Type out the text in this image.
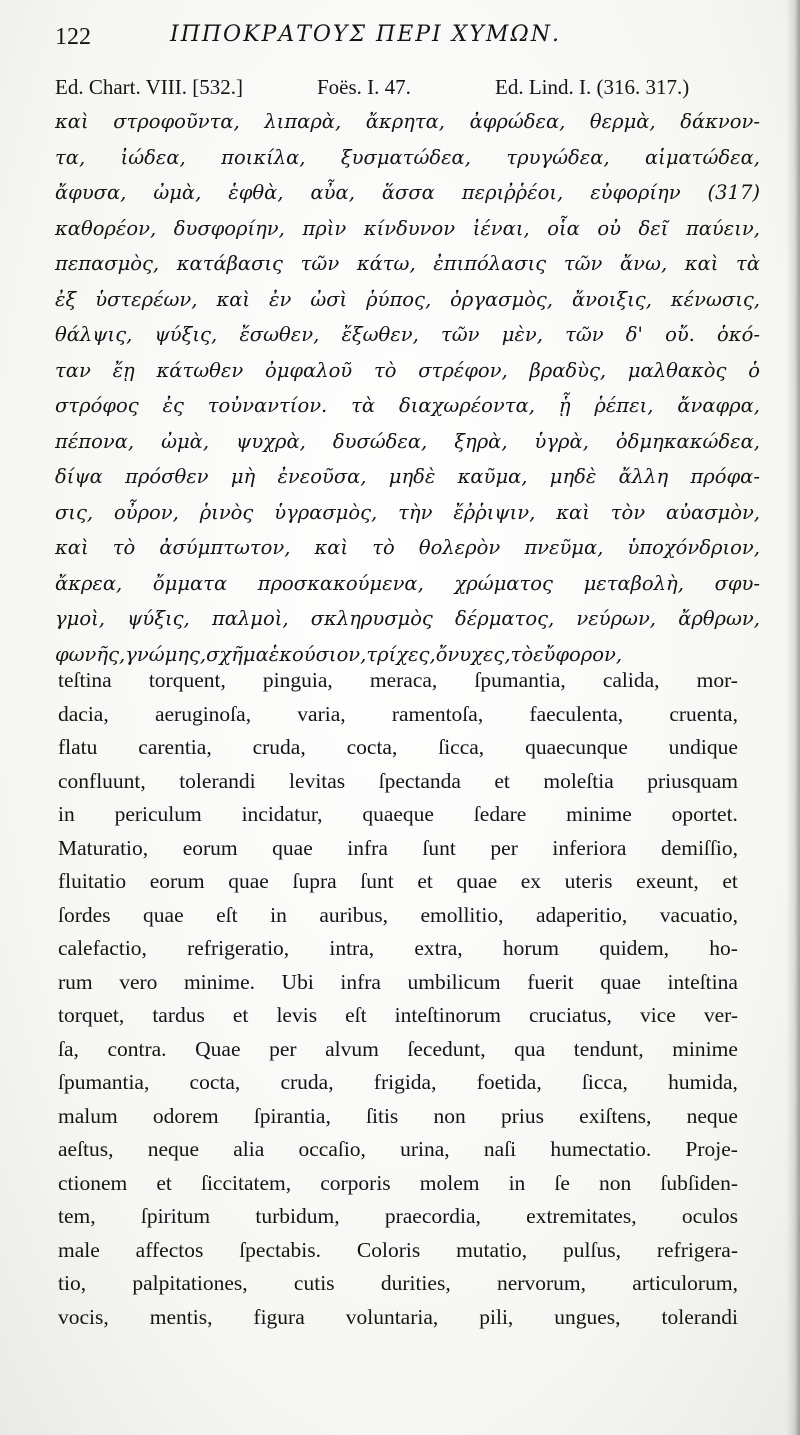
122	ΙΠΠΟΚΡΑΤΟΥΣ ΠΕΡΙ ΧΥΜΩΝ.
Ed. Chart. VIII. [532.]	Foës. I. 47.	Ed. Lind. I. (316. 317.)
καὶ στροφοῦντα, λιπαρὰ, ἄκρητα, ἀφρώδεα, θερμὰ, δάκνον-
τα, ἰώδεα, ποικίλα, ξυσματώδεα, τρυγώδεα, αἱματώδεα,
ἄφυσα, ὠμὰ, ἑφθὰ, αὖα, ἅσσα περιῤῥέοι, εὐφορίην (317)
καθορέον, δυσφορίην, πρὶν κίνδυνον ἰέναι, οἷα οὐ δεῖ παύειν,
πεπασμὸς, κατάβασις τῶν κάτω, ἐπιπόλασις τῶν ἄνω, καὶ τὰ
ἐξ ὑστερέων, καὶ ἐν ὠσὶ ῥύπος, ὀργασμὸς, ἄνοιξις, κένωσις,
θάλψις, ψύξις, ἔσωθεν, ἔξωθεν, τῶν μὲν, τῶν δ' οὔ. ὁκό-
ταν ἔῃ κάτωθεν ὀμφαλοῦ τὸ στρέφον, βραδὺς, μαλθακὸς ὁ
στρόφος ἐς τοὐναντίον. τὰ διαχωρέοντα, ᾗ ῥέπει, ἄναφρα,
πέπονα, ὠμὰ, ψυχρὰ, δυσώδεα, ξηρὰ, ὑγρὰ, ὀδμηκακώδεα,
δίψα πρόσθεν μὴ ἐνεοῦσα, μηδὲ καῦμα, μηδὲ ἄλλη πρόφα-
σις, οὖρον, ῥινὸς ὑγρασμὸς, τὴν ἔῤῥιψιν, καὶ τὸν αὐασμὸν,
καὶ τὸ ἀσύμπτωτον, καὶ τὸ θολερὸν πνεῦμα, ὑποχόνδριον,
ἄκρεα, ὄμματα προσκακούμενα, χρώματος μεταβολὴ, σφυ-
γμοὶ, ψύξις, παλμοὶ, σκληρυσμὸς δέρματος, νεύρων, ἄρθρων,
φωνῆς, γνώμης, σχῆμα ἑκούσιον, τρίχες, ὄνυχες, τὸ εὔφορον,
teſtina torquent, pinguia, meraca, ſpumantia, calida, mor-
dacia, aeruginoſa, varia, ramentoſa, faeculenta, cruenta,
flatu carentia, cruda, cocta, ſicca, quaecunque undique
confluunt, tolerandi levitas ſpectanda et moleſtia priusquam
in periculum incidatur, quaeque ſedare minime oportet.
Maturatio, eorum quae infra ſunt per inferiora demiſſio,
fluitatio eorum quae ſupra ſunt et quae ex uteris exeunt, et
ſordes quae eſt in auribus, emollitio, adaperitio, vacuatio,
calefactio, refrigeratio, intra, extra, horum quidem, ho-
rum vero minime. Ubi infra umbilicum fuerit quae inteſtina
torquet, tardus et levis eſt inteſtinorum cruciatus, vice ver-
ſa, contra. Quae per alvum ſecedunt, qua tendunt, minime
ſpumantia, cocta, cruda, frigida, foetida, ſicca, humida,
malum odorem ſpirantia, ſitis non prius exiſtens, neque
aeſtus, neque alia occaſio, urina, naſi humectatio. Proje-
ctionem et ſiccitatem, corporis molem in ſe non ſubſiden-
tem, ſpiritum turbidum, praecordia, extremitates, oculos
male affectos ſpectabis. Coloris mutatio, pulſus, refrigera-
tio, palpitationes, cutis durities, nervorum, articulorum,
vocis, mentis, figura voluntaria, pili, ungues, tolerandi
